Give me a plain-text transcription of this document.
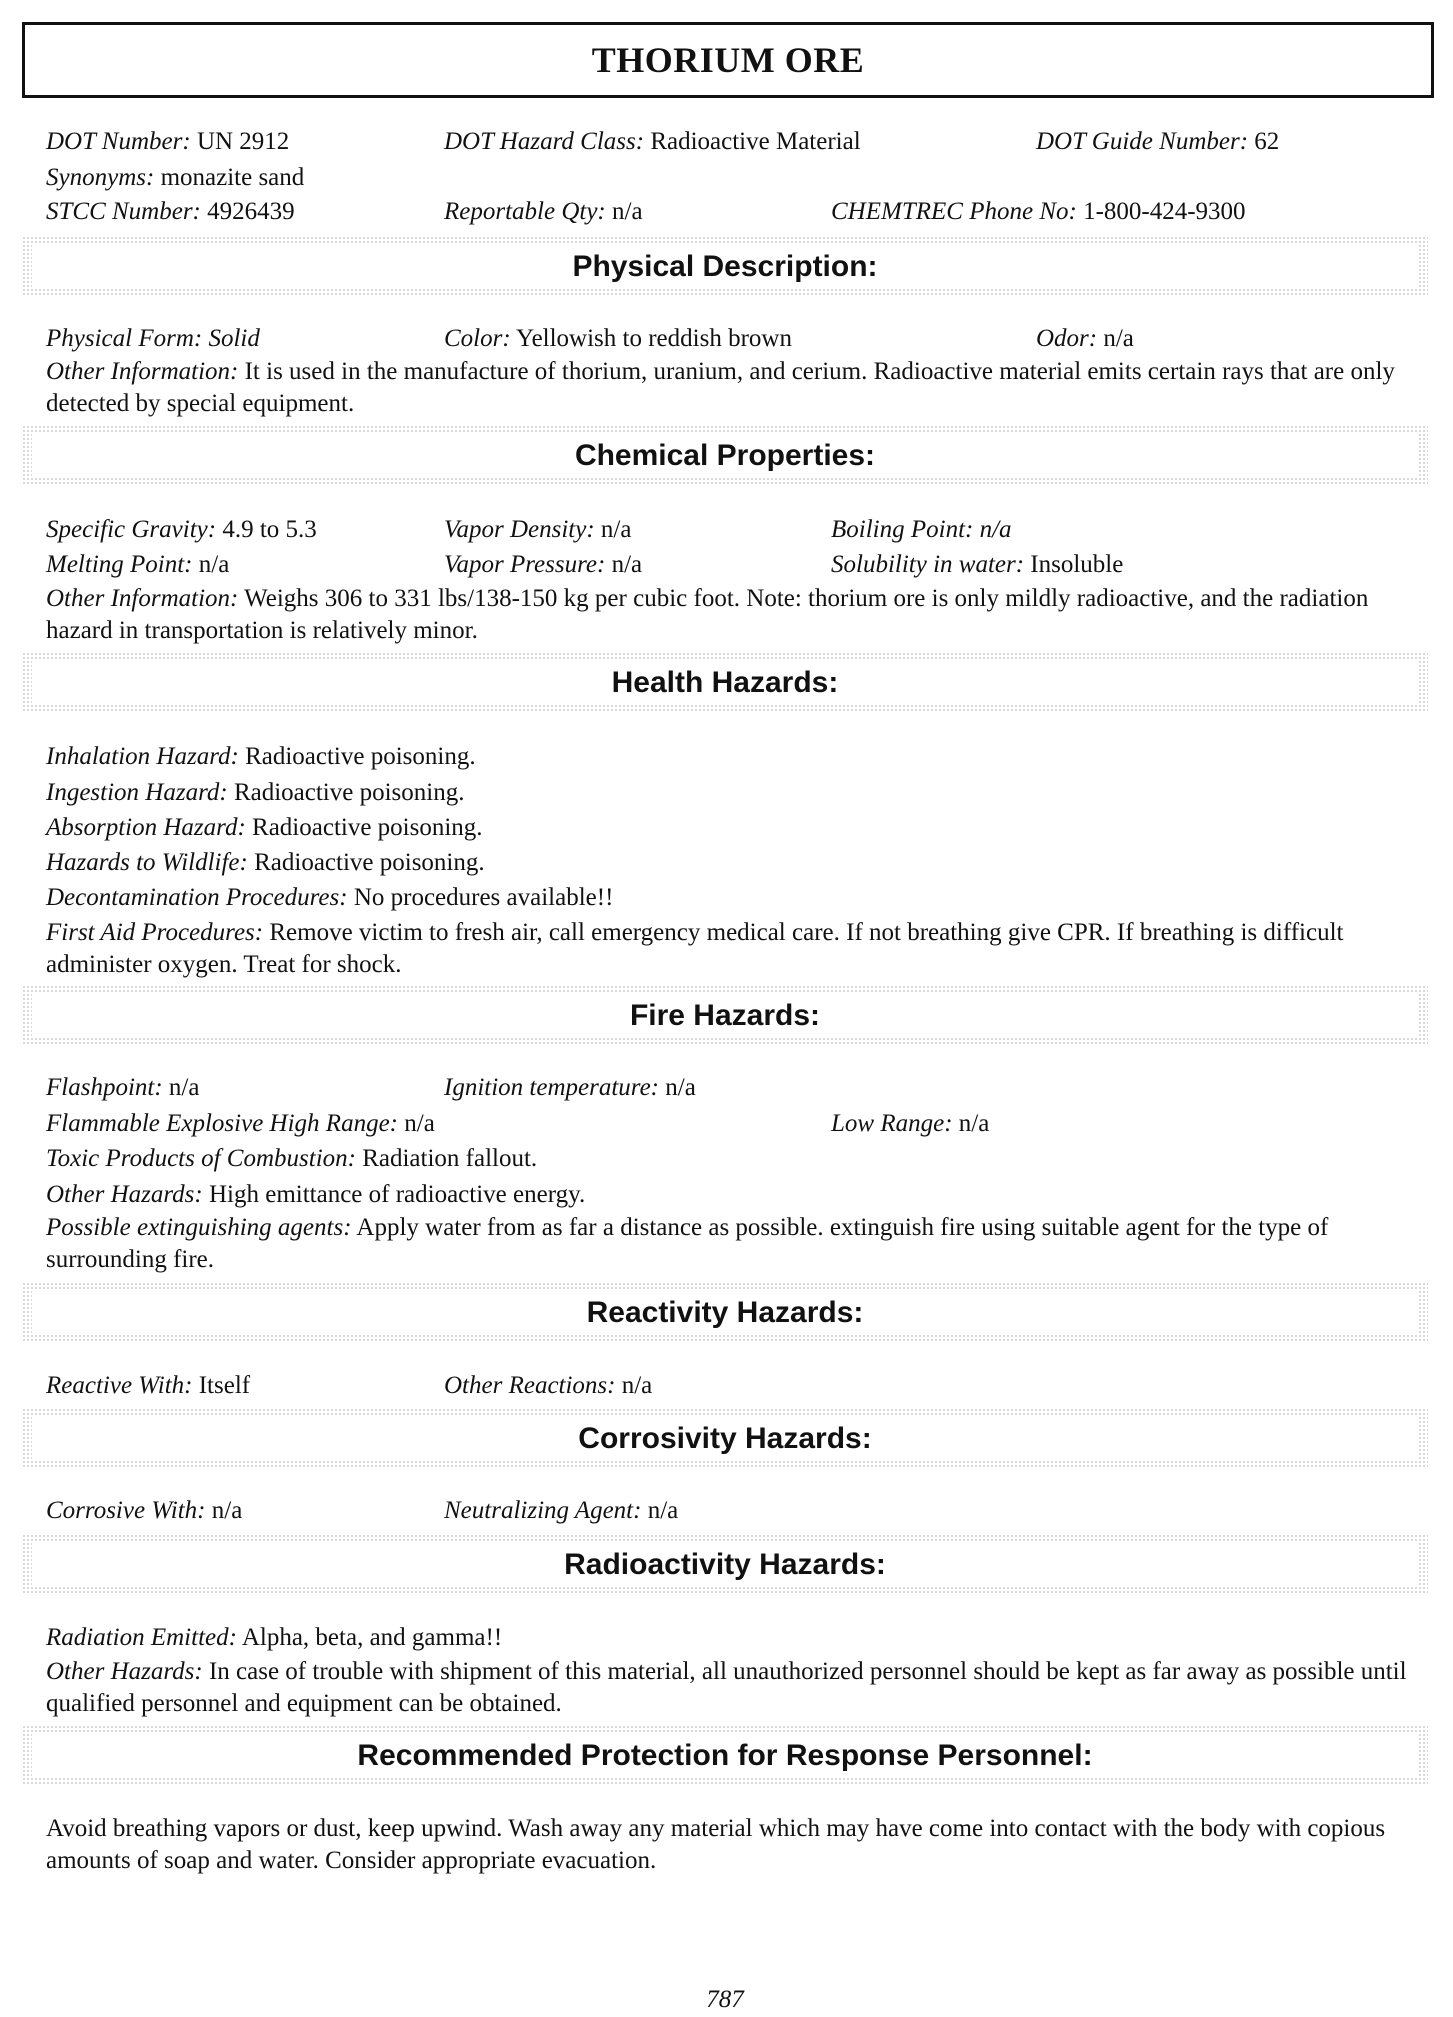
THORIUM ORE
DOT Number: UN 2912	DOT Hazard Class: Radioactive Material	DOT Guide Number: 62
Synonyms: monazite sand
STCC Number: 4926439	Reportable Qty: n/a	CHEMTREC Phone No: 1-800-424-9300
Physical Description:
Physical Form: Solid	Color: Yellowish to reddish brown	Odor: n/a
Other Information: It is used in the manufacture of thorium, uranium, and cerium. Radioactive material emits certain rays that are only detected by special equipment.
Chemical Properties:
Specific Gravity: 4.9 to 5.3	Vapor Density: n/a	Boiling Point: n/a
Melting Point: n/a	Vapor Pressure: n/a	Solubility in water: Insoluble
Other Information: Weighs 306 to 331 lbs/138-150 kg per cubic foot. Note: thorium ore is only mildly radioactive, and the radiation hazard in transportation is relatively minor.
Health Hazards:
Inhalation Hazard: Radioactive poisoning.
Ingestion Hazard: Radioactive poisoning.
Absorption Hazard: Radioactive poisoning.
Hazards to Wildlife: Radioactive poisoning.
Decontamination Procedures: No procedures available!!
First Aid Procedures: Remove victim to fresh air, call emergency medical care. If not breathing give CPR. If breathing is difficult administer oxygen. Treat for shock.
Fire Hazards:
Flashpoint: n/a	Ignition temperature: n/a
Flammable Explosive High Range: n/a	Low Range: n/a
Toxic Products of Combustion: Radiation fallout.
Other Hazards: High emittance of radioactive energy.
Possible extinguishing agents: Apply water from as far a distance as possible. extinguish fire using suitable agent for the type of surrounding fire.
Reactivity Hazards:
Reactive With: Itself	Other Reactions: n/a
Corrosivity Hazards:
Corrosive With: n/a	Neutralizing Agent: n/a
Radioactivity Hazards:
Radiation Emitted: Alpha, beta, and gamma!!
Other Hazards: In case of trouble with shipment of this material, all unauthorized personnel should be kept as far away as possible until qualified personnel and equipment can be obtained.
Recommended Protection for Response Personnel:
Avoid breathing vapors or dust, keep upwind. Wash away any material which may have come into contact with the body with copious amounts of soap and water. Consider appropriate evacuation.
787
